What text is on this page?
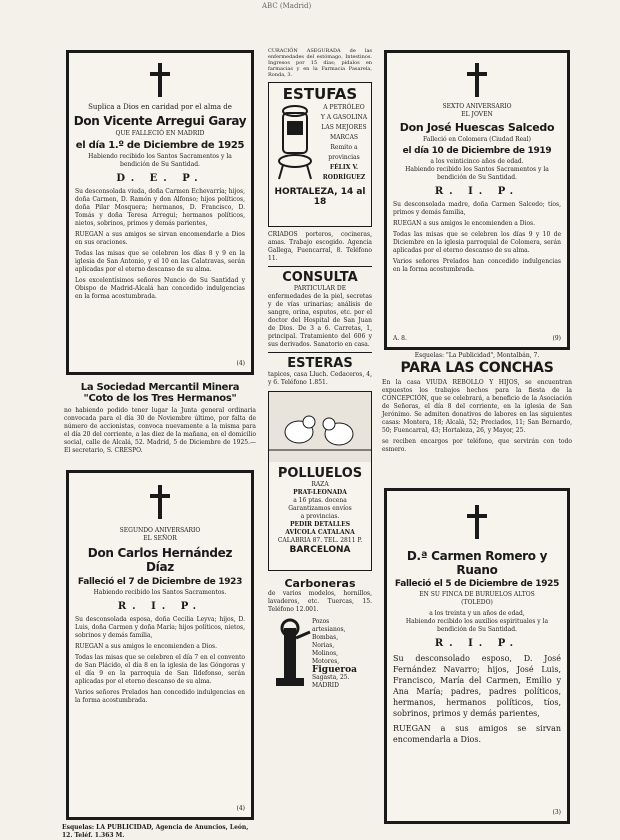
ABC (Madrid)
Suplica a Dios en caridad por el alma de
Don Vicente Arregui Garay
QUE FALLECIÓ EN MADRID
el día 1.º de Diciembre de 1925
Habiendo recibido los Santos Sacramentos y la bendición de Su Santidad.
D. E. P.
Su desconsolada viuda, doña Carmen Echevarría; hijos, doña Carmen, D. Ramón y don Alfonso; hijos políticos, doña Pilar Mosquera; hermanos, D. Francisco, D. Tomás y doña Teresa Arregui; hermanos políticos, nietos, sobrinos, primos y demás parientes,
RUEGAN a sus amigos se sirvan encomendarle a Dios en sus oraciones.
Todas las misas que se celebren los días 8 y 9 en la iglesia de San Antonio, y el 10 en las Calatravas, serán aplicadas por el eterno descanso de su alma.
Los excelentísimos señores Nuncio de Su Santidad y Obispo de Madrid-Alcalá han concedido indulgencias en la forma acostumbrada.
(4)
La Sociedad Mercantil Minera
"Coto de los Tres Hermanos"
no habiendo podido tener lugar la Junta general ordinaria convocada para el día 30 de Noviembre último, por falta de número de accionistas, convoca nuevamente a la misma para el día 20 del corriente, a las diez de la mañana, en el domicilio social, calle de Alcalá, 52. Madrid, 5 de Diciembre de 1925.— El secretario, S. CRESPO.
SEGUNDO ANIVERSARIO
EL SEÑOR
Don Carlos Hernández Díaz
Falleció el 7 de Diciembre de 1923
Habiendo recibido los Santos Sacramentos.
R. I. P.
Su desconsolada esposa, doña Cecilia Leyva; hijos, D. Luis, doña Carmen y doña María; hijos políticos, nietos, sobrinos y demás familia,
RUEGAN a sus amigos le encomienden a Dios.
Todas las misas que se celebren el día 7 en el convento de San Plácido, el día 8 en la iglesia de las Góngoras y el día 9 en la parroquia de San Ildefonso, serán aplicadas por el eterno descanso de su alma.
Varios señores Prelados han concedido indulgencias en la forma acostumbrada.
(4)
Esquelas: LA PUBLICIDAD, Agencia de Anuncios, León, 12. Teléf. 1.363 M.
CURACIÓN ASEGURADA de las enfermedades del estómago, Intestinos. Ingresos por 15 días; pídalos en farmacias y en la Farmacia Pasarela, Ronda, 3.
ESTUFAS
A PETRÓLEO
Y A GASOLINA
LAS MEJORES
MARCAS
Remito a
provincias
FÉLIX V.
RODRÍGUEZ
HORTALEZA, 14 al 18
CRIADOS porteros, cocineras, amas. Trabajo escogido. Agencia Gallega, Fuencarral, 8. Teléfono 11.
CONSULTA
PARTICULAR DE
enfermedades de la piel, secretas y de vías urinarias; análisis de sangre, orina, esputos, etc. por el doctor del Hospital de San Juan de Dios. De 3 a 6. Carretas, 1, principal. Tratamiento del 606 y sus derivados. Sanatorio en casa.
ESTERAS
tapices, casa Lluch. Cedaceros, 4, y 6. Teléfono 1.851.
POLLUELOS
RAZA
PRAT-LEONADA
a 16 ptas. docena
Garantizamos envíos
a provincias.
PEDIR DETALLES
AVÍCOLA CATALANA
CALABRIA 87. TEL. 2811 P.
BARCELONA
Carboneras
de varios modelos, hornillos, lavaderos, etc. Tuercas, 15. Teléfono 12.001.
Pozos
artesianos,
Bombas,
Norias,
Molinos,
Motores,
Figueroa
Sagasta, 25.
MADRID
SEXTO ANIVERSARIO
EL JOVEN
Don José Huescas Salcedo
Falleció en Colomera (Ciudad Real)
el día 10 de Diciembre de 1919
a los veinticinco años de edad.
Habiendo recibido los Santos Sacramentos y la bendición de Su Santidad.
R. I. P.
Su desconsolada madre, doña Carmen Salcedo; tíos, primos y demás familia,
RUEGAN a sus amigos le encomienden a Dios.
Todas las misas que se celebren los días 9 y 10 de Diciembre en la iglesia parroquial de Colomera, serán aplicadas por el eterno descanso de su alma.
Varios señores Prelados han concedido indulgencias en la forma acostumbrada.
A. 8.	(9)
Esquelas: "La Publicidad", Montalbán, 7.
PARA LAS CONCHAS
En la casa VIUDA REBOLLO Y HIJOS, se encuentran expuestos los trabajos hechos para la fiesta de la CONCEPCIÓN, que se celebrará, a beneficio de la Asociación de Señoras, el día 8 del corriente, en la iglesia de San Jerónimo. Se admiten donativos de labores en las siguientes casas: Montera, 18; Alcalá, 52; Preciados, 11; San Bernardo, 50; Fuencarral, 43; Hortaleza, 26, y Mayor, 25.
se reciben encargos por teléfono, que servirán con todo esmero.
D.ª Carmen Romero y Ruano
Falleció el 5 de Diciembre de 1925
EN SU FINCA DE BURUELOS ALTOS
(TOLEDO)
a los treinta y un años de edad,
Habiendo recibido los auxilios espirituales y la bendición de Su Santidad.
R. I. P.
Su desconsolado esposo, D. José Fernández Navarro; hijos, José Luis, Francisco, María del Carmen, Emilio y Ana María; padres, padres políticos, hermanos, hermanos políticos, tíos, sobrinos, primos y demás parientes,
RUEGAN a sus amigos se sirvan encomendarla a Dios.
(3)
